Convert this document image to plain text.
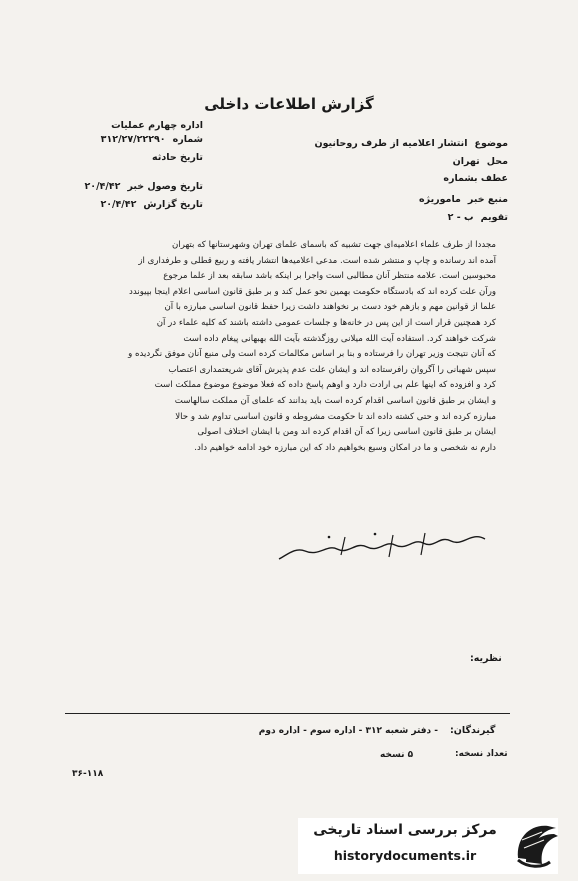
گزارش اطلاعات داخلی
اداره چهارم عملیات
شماره ۳۱۲/۲۷/۲۲۲۹۰
تاریخ حادثه
تاریخ وصول خبر ۲۰/۴/۴۲
تاریخ گزارش ۲۰/۴/۴۲
موضوع انتشار اعلامیه از طرف روحانیون
محل تهران
عطف بشماره
منبع خبر ماموریژه
تقویم ب - ۲

مجددا از طرف علماء اعلامیه‌ای جهت تشبیه که باسمای علمای تهران وشهرستانها که بتهران

آمده اند رسانده و چاپ و منتشر شده است. مدعی اعلامیه‌ها انتشار یافته و ربیع قطلی و طرفداری از

محبوسین است. علامه منتظر آنان مطالبی است واجرا بر اینکه باشد سابقه بعد از علما مرجوع

ورآن علت کرده اند که بادستگاه حکومت بهمین نحو عمل کند و بر طبق قانون اساسی اعلام اینجا بپیوندد

علما از قوانین مهم و بازهم خود دست بر نخواهند داشت زیرا حفظ قانون اساسی مبارزه با آن

کرد همچنین قرار است از این پس در خانه‌ها و جلسات عمومی داشته باشند که کلیه علماء در آن

شرکت خواهند کرد. استفاده آیت الله میلانی روزگذشته بآیت الله بهبهانی پیغام داده است

که آنان نتیجت وزیر تهران را فرستاده و بنا بر اساس مکالمات کرده است ولی منبع آنان موفق نگردیده و

سپس شهبانی را آگروان رافرستاده اند و ایشان علت عدم پذیرش آقای شریعتمداری اعتصاب

کرد و افزوده که اینها علم بی ارادت دارد و اوهم پاسخ داده که فعلا موضوع موضوع مملکت است

و ایشان بر طبق قانون اساسی اقدام کرده است باید بدانند که علمای آن مملکت سالهاست

مبارزه کرده اند و حتی کشته داده اند تا حکومت مشروطه و قانون اساسی تداوم شد و حالا

ایشان بر طبق قانون اساسی زیرا که آن اقدام کرده اند ومن با ایشان اختلاف اصولی

دارم نه شخصی و ما در امکان وسیع بخواهیم داد که این مبارزه خود ادامه خواهیم داد.

نظریه:
گیرندگان:
- دفتر شعبه ۳۱۲ - اداره سوم - اداره دوم
تعداد نسخه:
۵ نسخه
۳۶-۱۱۸
مرکز بررسی اسناد تاریخی
historydocuments.ir
